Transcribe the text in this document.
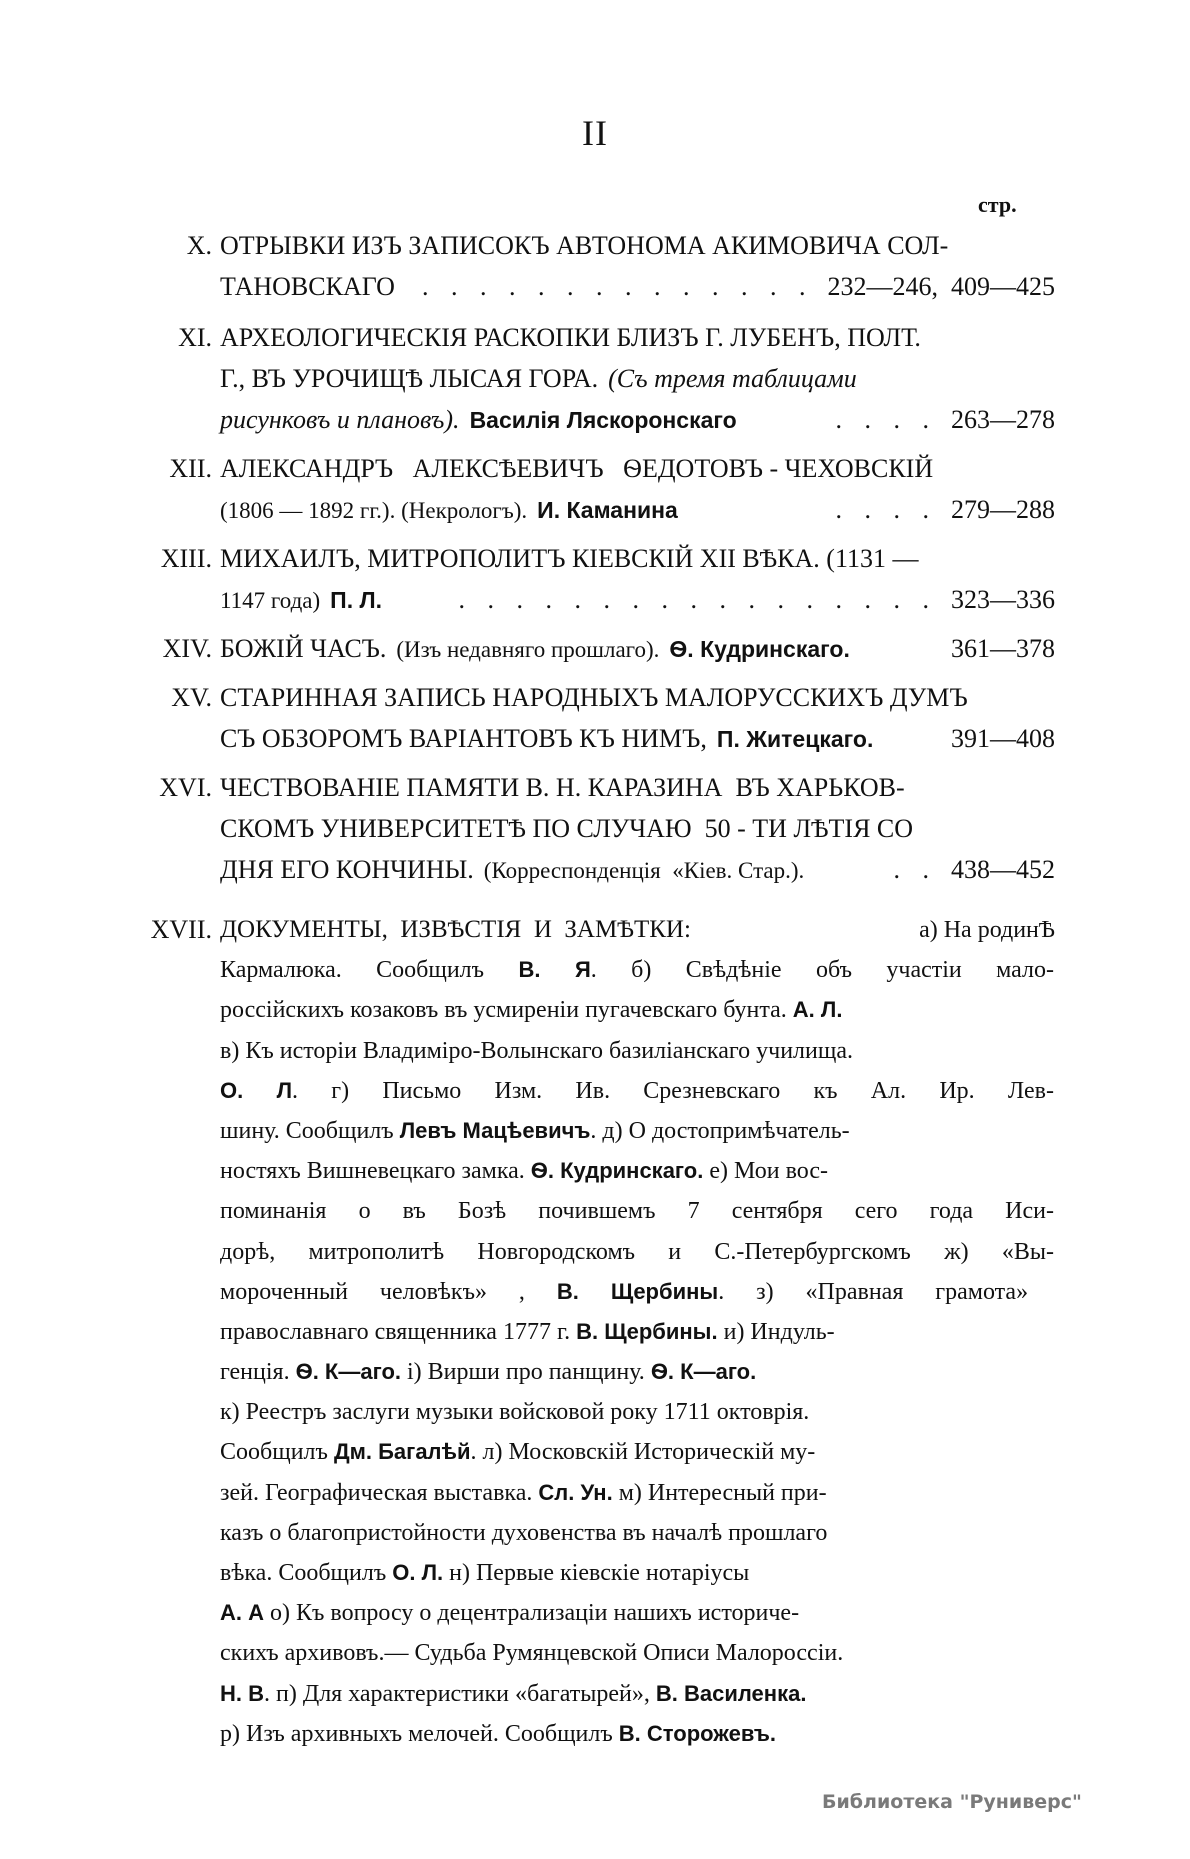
II
стр.
X. ОТРЫВКИ ИЗЪ ЗАПИСОКЪ АВТОНОМА АКИМОВИЧА СОЛ-
ТАНОВСКАГО	. . . . . . . . . . . . . . 232—246,  409—425
XI. АРХЕОЛОГИЧЕСКІЯ РАСКОПКИ БЛИЗЪ Г. ЛУБЕНЪ, ПОЛТ.
Г., ВЪ УРОЧИЩѢ ЛЫСАЯ ГОРА. (Съ тремя таблицами
рисунковъ и плановъ). Василія Ляскоронскаго	. . . . 263—278
XII. АЛЕКСАНДРЪ   АЛЕКСѢЕВИЧЪ   ѲЕДОТОВЪ - ЧЕХОВСКІЙ
(1806 — 1892 гг.). (Некрологъ). И. Каманина	. . . . 279—288
XIII. МИХАИЛЪ, МИТРОПОЛИТЪ КІЕВСКІЙ XII ВѢКА. (1131 —
1147 года) П. Л.	. . . . . . . . . . . . . . . . . 323—336
XIV. БОЖІЙ ЧАСЪ. (Изъ недавняго прошлаго). Ѳ. Кудринскаго.	361—378
XV. СТАРИННАЯ ЗАПИСЬ НАРОДНЫХЪ МАЛОРУССКИХЪ ДУМЪ
СЪ ОБЗОРОМЪ ВАРІАНТОВЪ КЪ НИМЪ, П. Житецкаго.	391—408
XVI. ЧЕСТВОВАНІЕ ПАМЯТИ В. Н. КАРАЗИНА  ВЪ ХАРЬКОВ-
СКОМЪ УНИВЕРСИТЕТѢ ПО СЛУЧАЮ  50 - ТИ ЛѢТІЯ СО
ДНЯ ЕГО КОНЧИНЫ. (Корреспонденція  «Кіев. Стар.).	. . 438—452
XVII. ДОКУМЕНТЫ,  ИЗВѢСТІЯ  И  ЗАМѢТКИ:	а) На родинѢ
Кармалюка. Сообщилъ В. Я. б) Свѣдѣніе объ участіи мало-
россійскихъ козаковъ въ усмиреніи пугачевскаго бунта. А. Л.
в) Къ исторіи Владиміро-Волынскаго базиліанскаго училища.
О. Л. г) Письмо Изм. Ив. Срезневскаго къ Ал. Ир. Лев-
шину. Сообщилъ Левъ Мацѣевичъ. д) О достопримѣчатель-
ностяхъ Вишневецкаго замка. Ѳ. Кудринскаго. е) Мои вос-
поминанія о въ Бозѣ почившемъ 7 сентября сего года Иси-
дорѣ, митрополитѣ Новгородскомъ и С.-Петербургскомъ ж) «Вы-
мороченный человѣкъ» , В. Щербины. з) «Правная грамота»
православнаго священника 1777 г. В. Щербины. и) Индуль-
генція. Ѳ. К—аго. і) Вирши про панщину. Ѳ. К—аго.
к) Реестръ заслуги музыки войсковой року 1711 октоврія.
Сообщилъ Дм. Багалѣй. л) Московскій Историческій му-
зей. Географическая выставка. Сл. Ун. м) Интересный при-
казъ о благопристойности духовенства въ началѣ прошлаго
вѣка. Сообщилъ О. Л. н) Первые кіевскіе нотаріусы
А. А о) Къ вопросу о децентрализаціи нашихъ историче-
скихъ архивовъ.— Судьба Румянцевской Описи Малороссіи.
Н. В. п) Для характеристики «багатырей», В. Василенка.
р) Изъ архивныхъ мелочей. Сообщилъ В. Сторожевъ.
Библиотека "Руниверс"
